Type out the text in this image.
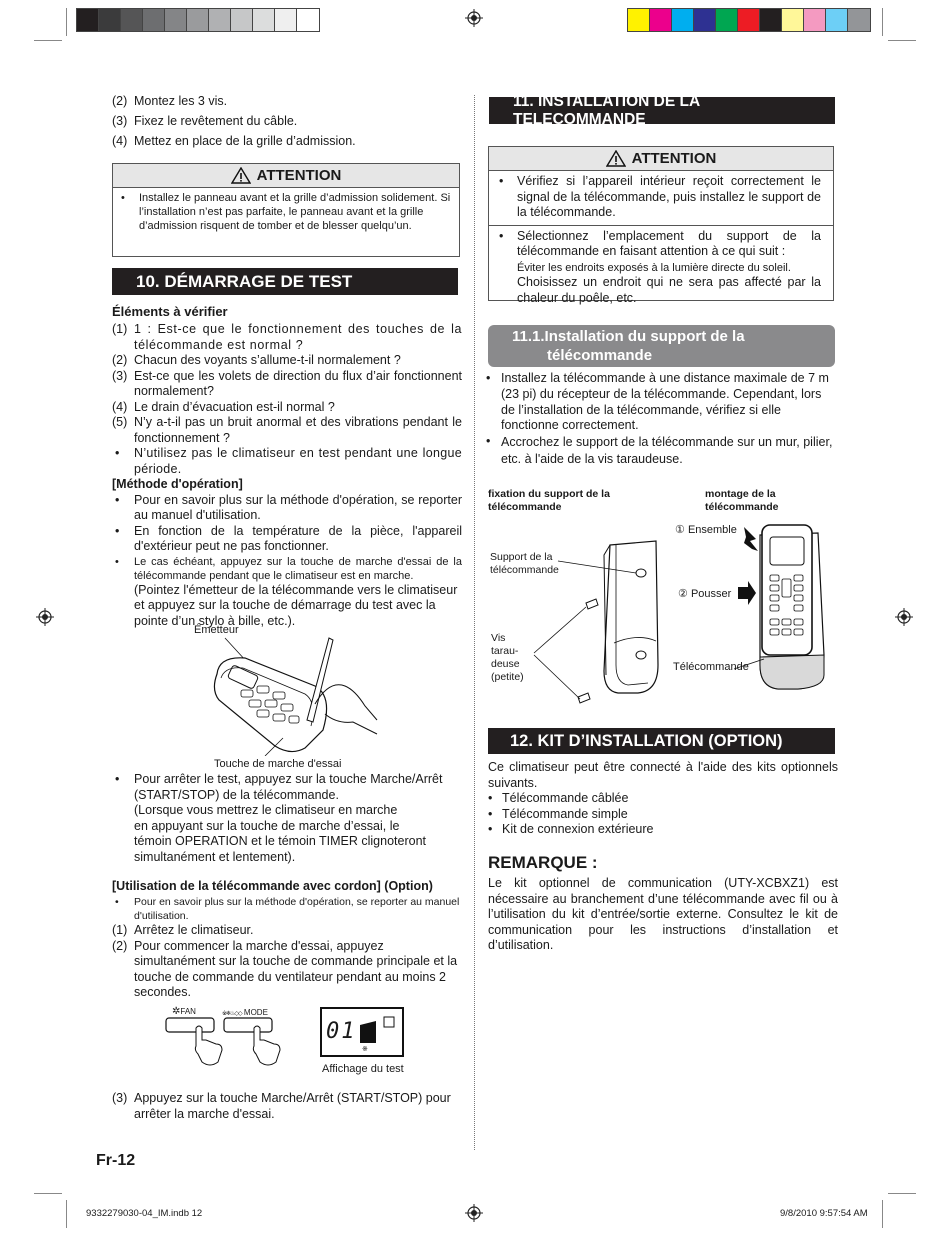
(2) Montez les 3 vis.
(3) Fixez le revêtement du câble.
(4) Mettez en place de la grille d’admission.
ATTENTION
•	Installez le panneau avant et la grille d’admission solidement. Si l’installation n’est pas parfaite, le panneau avant et la grille d’admission risquent de tomber et de blesser quelqu’un.
10. DÉMARRAGE DE TEST
Éléments à vérifier
(1) 1 : Est-ce que le fonctionnement des touches de la télécommande est normal ?
(2) Chacun des voyants s’allume-t-il normalement ?
(3) Est-ce que les volets de direction du flux d’air fonctionnent normalement?
(4) Le drain d’évacuation est-il normal ?
(5) N’y a-t-il pas un bruit anormal et des vibrations pendant le fonctionnement ?
•	N’utilisez pas le climatiseur en test pendant une longue période.
[Méthode d'opération]
•	Pour en savoir plus sur la méthode d'opération, se reporter au manuel d'utilisation.
•	En fonction de la température de la pièce, l'appareil d'extérieur peut ne pas fonctionner.
•	Le cas échéant, appuyez sur la touche de marche d'essai de la télécommande pendant que le climatiseur est en marche.
(Pointez l'émetteur de la télécommande vers le climatiseur et appuyez sur la touche de démarrage du test avec la pointe d’un stylo à bille, etc.).
Émetteur
Touche de marche d'essai
•	Pour arrêter le test, appuyez sur la touche Marche/Arrêt (START/STOP) de la télécommande.
(Lorsque vous mettrez le climatiseur en marche
en appuyant sur la touche de marche d’essai, le
témoin OPERATION et le témoin TIMER clignoteront
simultanément et lentement).
[Utilisation de la télécommande avec cordon] (Option)
•	Pour en savoir plus sur la méthode d'opération, se reporter au manuel d'utilisation.
(1) Arrêtez le climatiseur.
(2) Pour commencer la marche d'essai, appuyez simultanément sur la touche de commande principale et la touche de commande du ventilateur pendant au moins 2 secondes.
✲FAN	※❄♨◇◇ MODE
01
※
Affichage du test
(3) Appuyez sur la touche Marche/Arrêt (START/STOP) pour arrêter la marche d'essai.
Fr-12
11. INSTALLATION DE LA TELECOMMANDE
ATTENTION
•	Vérifiez si l’appareil intérieur reçoit correctement le signal de la télécommande, puis installez le support de la télécommande.
•	Sélectionnez l’emplacement du support de la télécommande en faisant attention à ce qui suit :
Éviter les endroits exposés à la lumière directe du soleil.
Choisissez un endroit qui ne sera pas affecté par la chaleur du poêle, etc.
11.1.Installation du support de la
télécommande
• Installez la télécommande à une distance maximale de 7 m (23 pi) du récepteur de la télécommande. Cependant, lors de l’installation de la télécommande, vérifiez si elle fonctionne correctement.
• Accrochez le support de la télécommande sur un mur, pilier, etc. à l'aide de la vis taraudeuse.
fixation du support de la télécommande
montage de la télécommande
Support de la télécommande
Vis tarau- deuse (petite)
① Ensemble
② Pousser
Télécommande
12. KIT D’INSTALLATION (OPTION)
Ce climatiseur peut être connecté à l'aide des kits optionnels suivants.
• Télécommande câblée
• Télécommande simple
• Kit de connexion extérieure
REMARQUE :
Le kit optionnel de communication (UTY-XCBXZ1) est nécessaire au branchement d’une télécommande avec fil ou à l’utilisation du kit d’entrée/sortie externe. Consultez le kit de communication pour les instructions d’installation et d’utilisation.
9332279030-04_IM.indb 12	9/8/2010 9:57:54 AM
